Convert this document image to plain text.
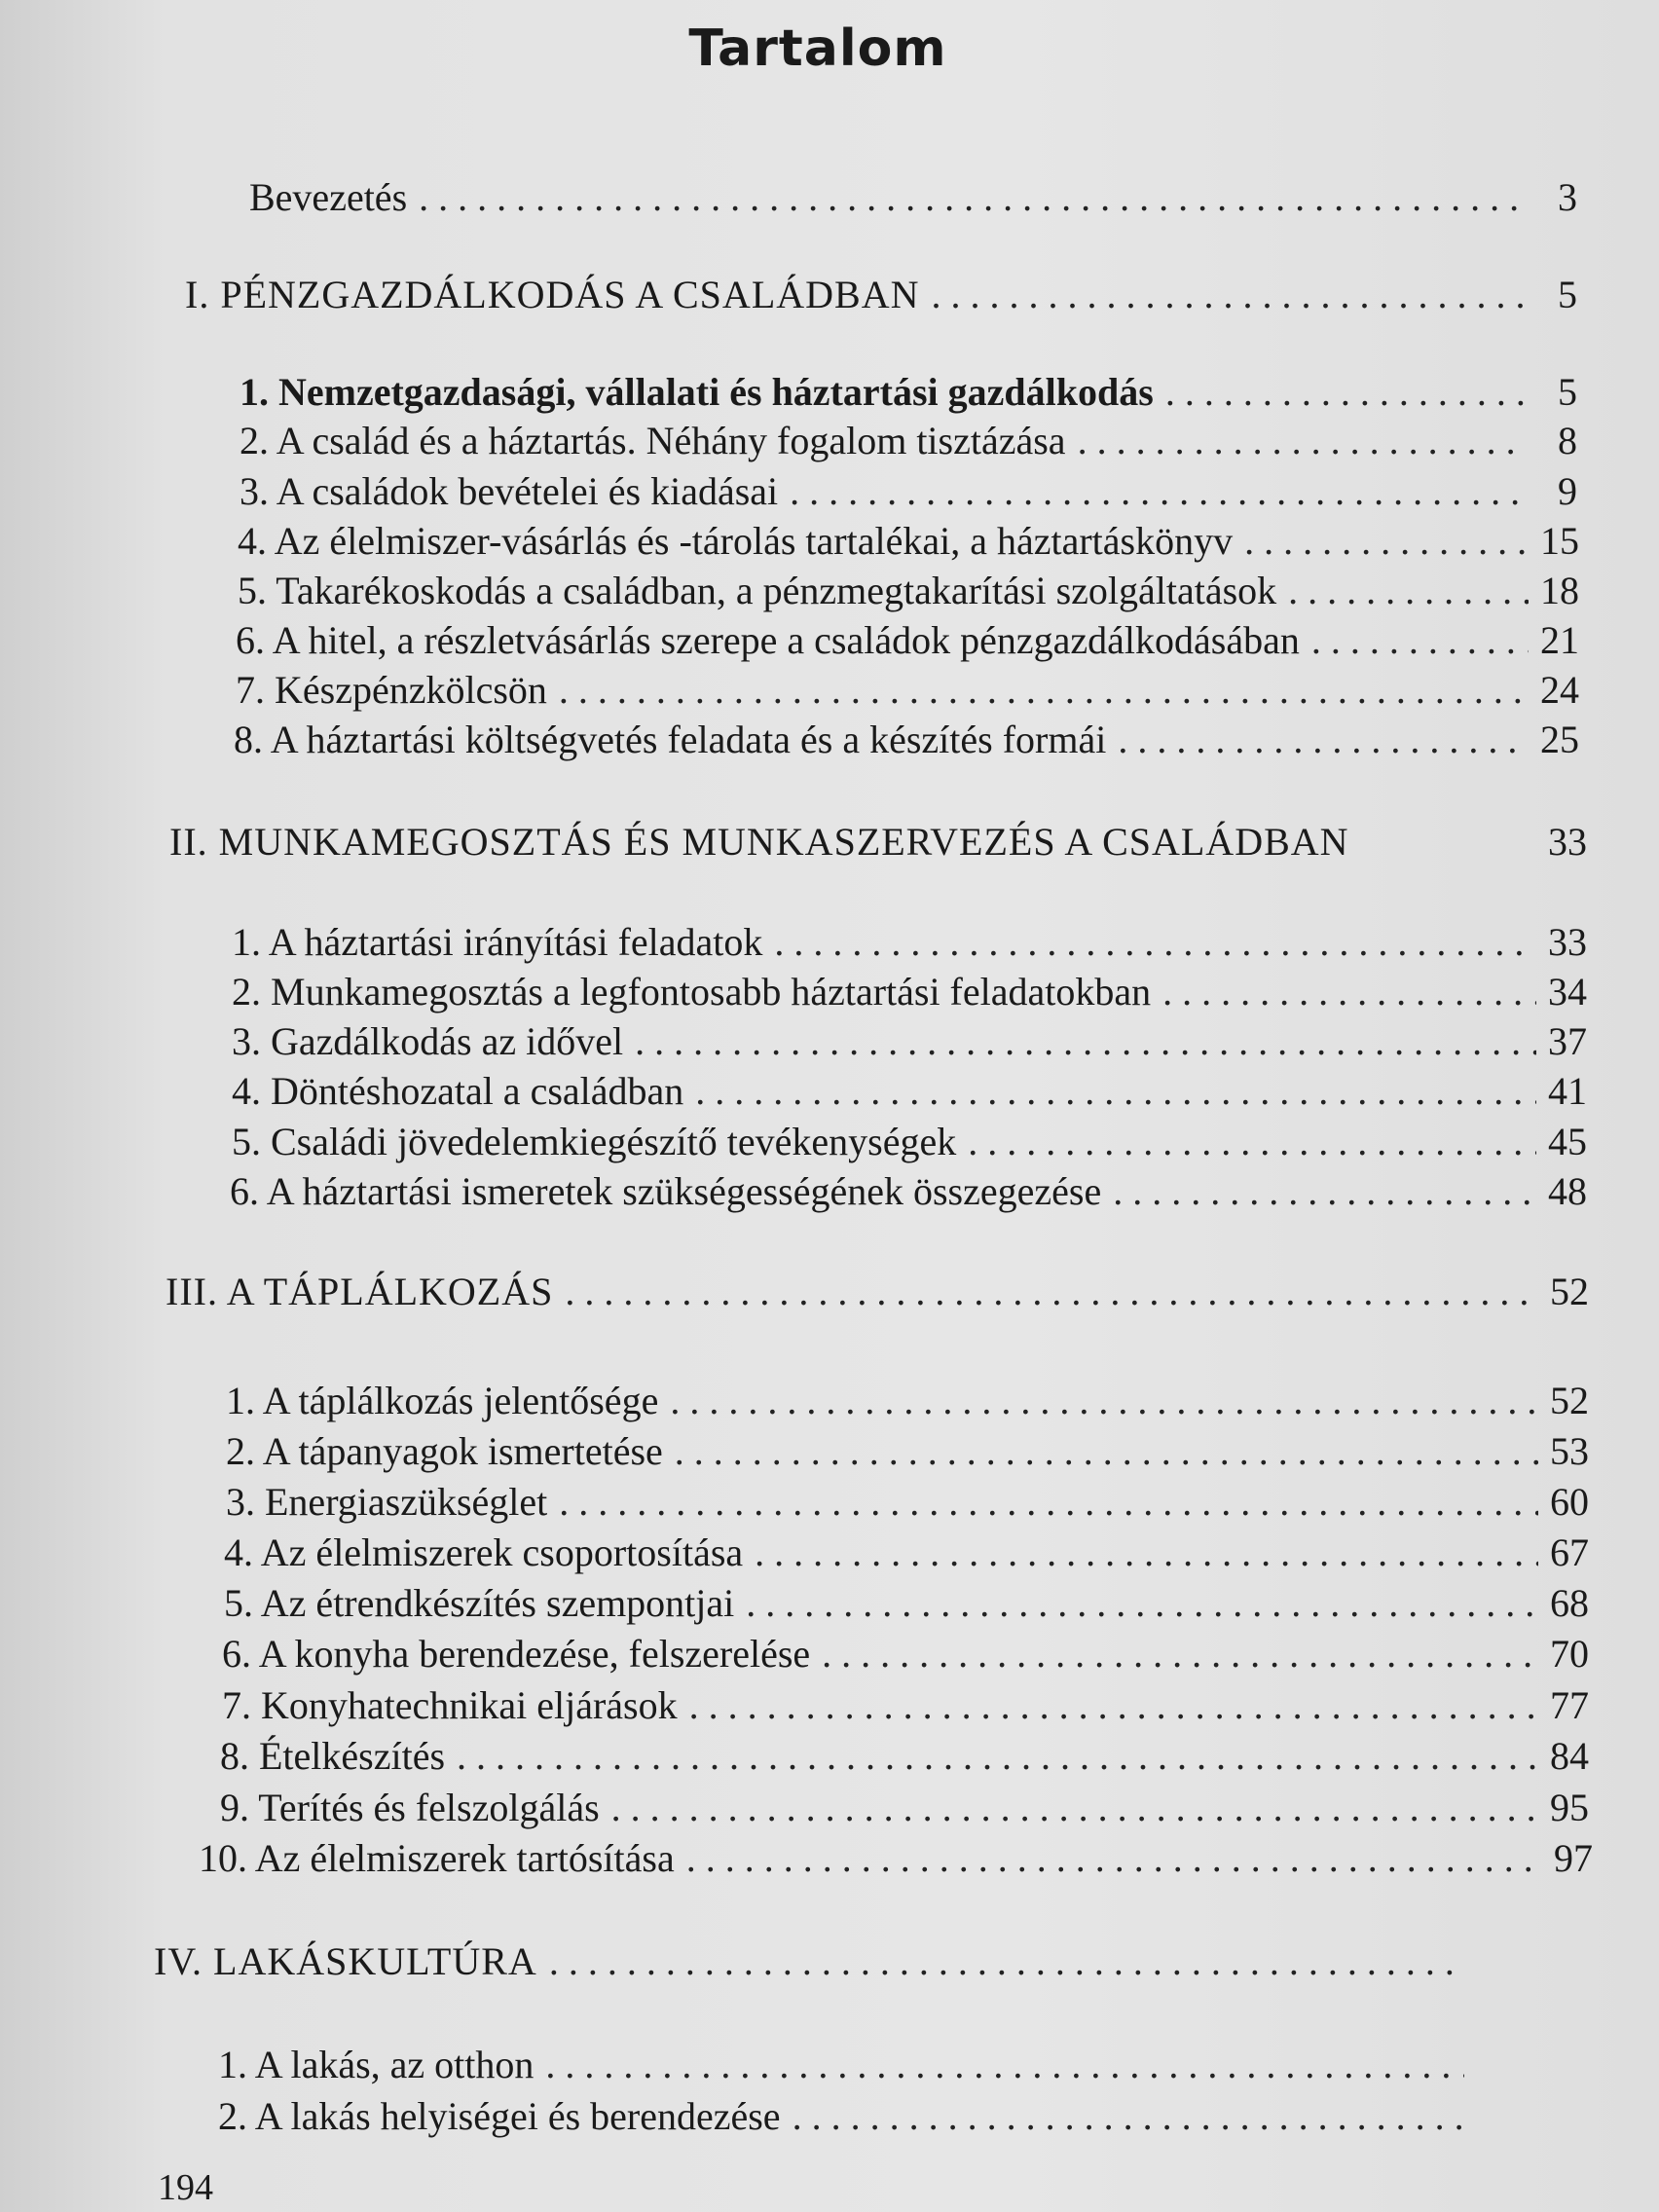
Tartalom
Bevezetés . . .	3
I. PÉNZGAZDÁLKODÁS A CSALÁDBAN . . .	5
1. Nemzetgazdasági, vállalati és háztartási gazdálkodás . . .	5
2. A család és a háztartás. Néhány fogalom tisztázása . . .	8
3. A családok bevételei és kiadásai . . .	9
4. Az élelmiszer-vásárlás és -tárolás tartalékai, a háztartáskönyv . . .	15
5. Takarékoskodás a családban, a pénzmegtakarítási szolgáltatások . . .	18
6. A hitel, a részletvásárlás szerepe a családok pénzgazdálkodásában . . .	21
7. Készpénzkölcsön . . .	24
8. A háztartási költségvetés feladata és a készítés formái . . .	25
II. MUNKAMEGOSZTÁS ÉS MUNKASZERVEZÉS A CSALÁDBAN	33
1. A háztartási irányítási feladatok . . .	33
2. Munkamegosztás a legfontosabb háztartási feladatokban . . .	34
3. Gazdálkodás az idővel . . .	37
4. Döntéshozatal a családban . . .	41
5. Családi jövedelemkiegészítő tevékenységek . . .	45
6. A háztartási ismeretek szükségességének összegezése . . .	48
III. A TÁPLÁLKOZÁS . . .	52
1. A táplálkozás jelentősége . . .	52
2. A tápanyagok ismertetése . . .	53
3. Energiaszükséglet . . .	60
4. Az élelmiszerek csoportosítása . . .	67
5. Az étrendkészítés szempontjai . . .	68
6. A konyha berendezése, felszerelése . . .	70
7. Konyhatechnikai eljárások . . .	77
8. Ételkészítés . . .	84
9. Terítés és felszolgálás . . .	95
10. Az élelmiszerek tartósítása . . .	97
IV. LAKÁSKULTÚRA
. . .
1. A lakás, az otthon
. . .
2. A lakás helyiségei és berendezése
. . .
194
